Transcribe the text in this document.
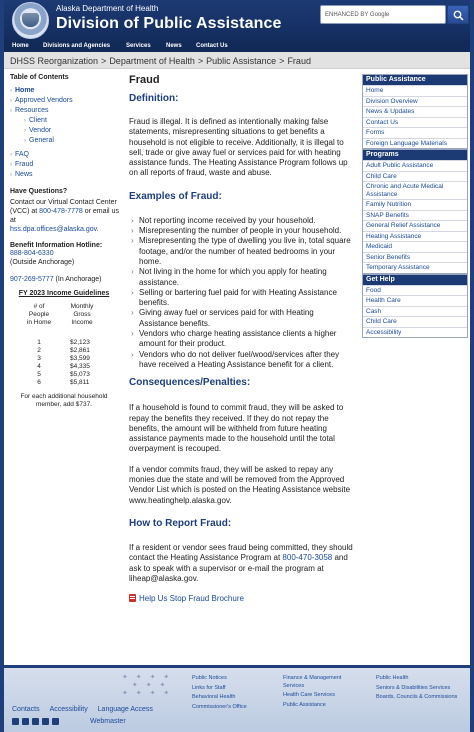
Alaska Department of Health
Division of Public Assistance	ENHANCED BY Google
Home Divisions and Agencies	Services	News Contact Us
DHSS Reorganization > Department of Health > Public Assistance > Fraud
Table of Contents
› Home
› Approved Vendors
› Resources
› Client
› Vendor
› General
› FAQ
› Fraud
› News
Have Questions?
Contact our Virtual Contact Center (VCC) at 800-478-7778 or email us at
hss.dpa.offices@alaska.gov.
Benefit Information Hotline:
888-804-6330
(Outside Anchorage)
907-269-5777 (In Anchorage)
FY 2023 Income Guidelines
# of
People
in Home
Monthly
Gross
Income
1	$2,123
2	$2,861
3	$3,599
4	$4,335
5	$5,073
6	$5,811
For each additional household member, add $737.
Fraud
Definition:
Fraud is illegal. It is defined as intentionally making false statements, misrepresenting situations to get benefits a household is not eligible to receive. Additionally, it is illegal to sell, trade or give away fuel or services paid for with heating assistance funds. The Heating Assistance Program follows up on all reports of fraud, waste and abuse.
Examples of Fraud:
› Not reporting income received by your household.
› Misrepresenting the number of people in your household.
› Misrepresenting the type of dwelling you live in, total square footage, and/or the number of heated bedrooms in your home.
› Not living in the home for which you apply for heating assistance.
› Selling or bartering fuel paid for with Heating Assistance benefits.
› Giving away fuel or services paid for with Heating Assistance benefits.
› Vendors who charge heating assistance clients a higher amount for their product.
› Vendors who do not deliver fuel/wood/services after they have received a Heating Assistance benefit for a client.
Consequences/Penalties:
If a household is found to commit fraud, they will be asked to repay the benefits they received. If they do not repay the benefits, the amount will be withheld from future heating assistance payments made to the household until the total overpayment is recouped.
If a vendor commits fraud, they will be asked to repay any monies due the state and will be removed from the Approved Vendor List which is posted on the Heating Assistance website www.heatinghelp.alaska.gov.
How to Report Fraud:
If a resident or vendor sees fraud being committed, they should contact the Heating Assistance Program at 800-470-3058 and ask to speak with a supervisor or e-mail the program at liheap@alaska.gov.
Help Us Stop Fraud Brochure
Public Assistance
Home
Division Overview
News & Updates
Contact Us
Forms
Foreign Language Materials
Programs
Adult Public Assistance
Child Care
Chronic and Acute Medical Assistance
Family Nutrition
SNAP Benefits
General Relief Assistance
Heating Assistance
Medicaid
Senior Benefits
Temporary Assistance
Get Help
Food
Health Care
Cash
Child Care
Accessibility
✦ ✦ ✦ ✦
✦ ✦ ✦
✦ ✦ ✦ ✦
Public Notices
Links for Staff
Behavioral Health
Commissioner's Office
Finance & Management Services
Health Care Services
Public Assistance
Public Health
Seniors & Disabilities Services
Boards, Councils & Commissions
Contacts Accessibility Language Access
Webmaster
